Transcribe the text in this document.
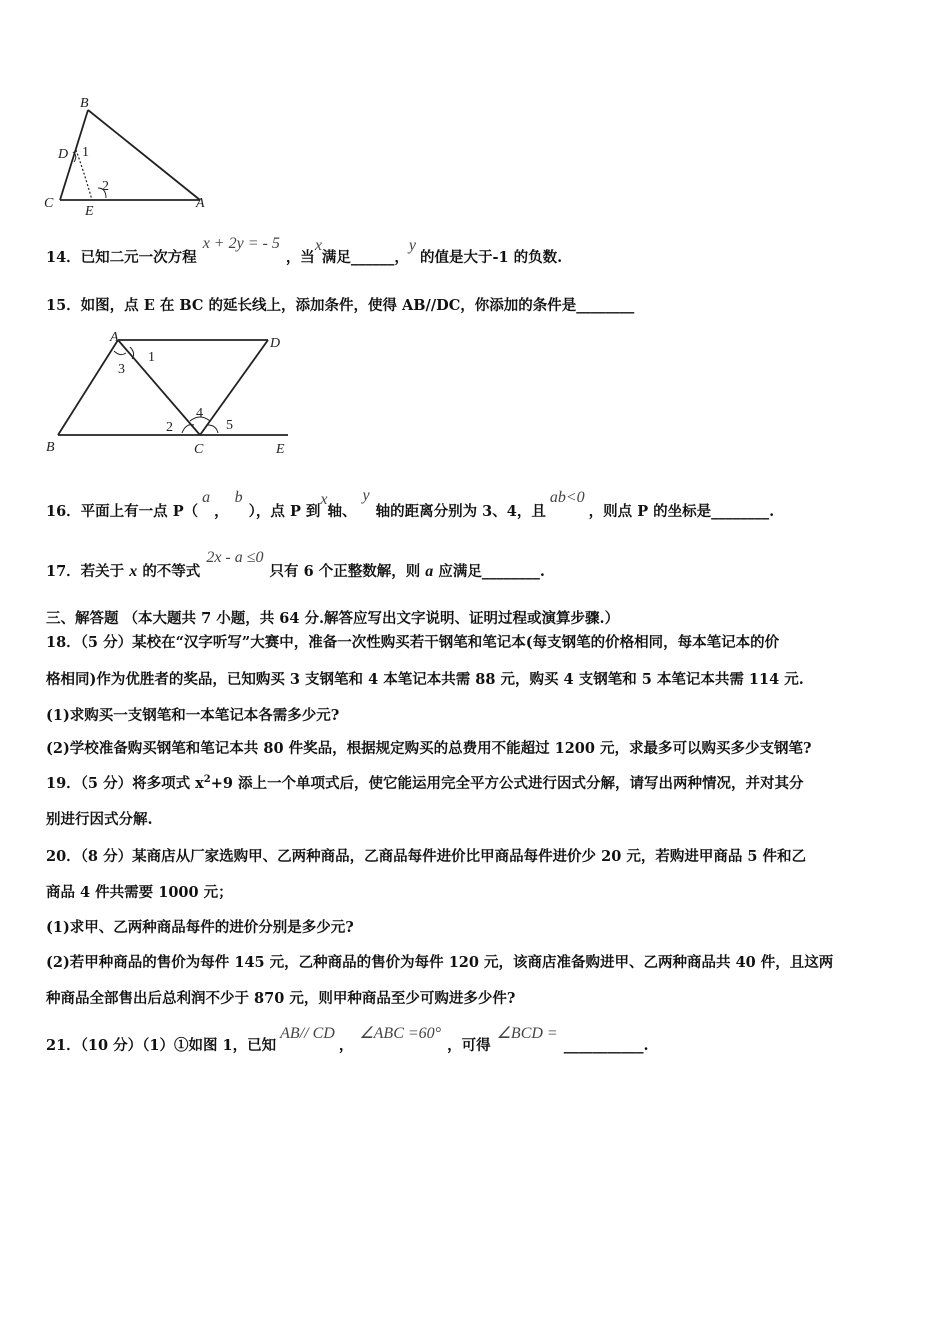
B
C	A
D
E
1
2
14．已知二元一次方程x + 2y = - 5，当x满足______，y的值是大于-1 的负数.
15．如图，点 E 在 BC 的延长线上，添加条件，使得 AB//DC，你添加的条件是________
A	D
B	C	E
1
3
2
4
5
16．平面上有一点 P（a，b），点 P 到x轴、y轴的距离分别为 3、4，且ab<0，则点 P 的坐标是________.
17．若关于 x 的不等式2x - a ≤0只有 6 个正整数解，则 a 应满足________.
三、解答题 （本大题共 7 小题，共 64 分.解答应写出文字说明、证明过程或演算步骤.）
18．（5 分）某校在“汉字听写”大赛中，准备一次性购买若干钢笔和笔记本(每支钢笔的价格相同，每本笔记本的价
格相同)作为优胜者的奖品，已知购买 3 支钢笔和 4 本笔记本共需 88 元，购买 4 支钢笔和 5 本笔记本共需 114 元.
(1)求购买一支钢笔和一本笔记本各需多少元?
(2)学校准备购买钢笔和笔记本共 80 件奖品，根据规定购买的总费用不能超过 1200 元，求最多可以购买多少支钢笔?
19．（5 分）将多项式 $x^2+9$ 添上一个单项式后，使它能运用完全平方公式进行因式分解，请写出两种情况，并对其分
别进行因式分解.
20．（8 分）某商店从厂家选购甲、乙两种商品，乙商品每件进价比甲商品每件进价少 20 元，若购进甲商品 5 件和乙
商品 4 件共需要 1000 元；
(1)求甲、乙两种商品每件的进价分别是多少元?
(2)若甲种商品的售价为每件 145 元，乙种商品的售价为每件 120 元，该商店准备购进甲、乙两种商品共 40 件，且这两
种商品全部售出后总利润不少于 870 元，则甲种商品至少可购进多少件?
21．（10 分）（1）①如图 1，已知AB// CD，∠ABC =60°，可得∠BCD =___________.
